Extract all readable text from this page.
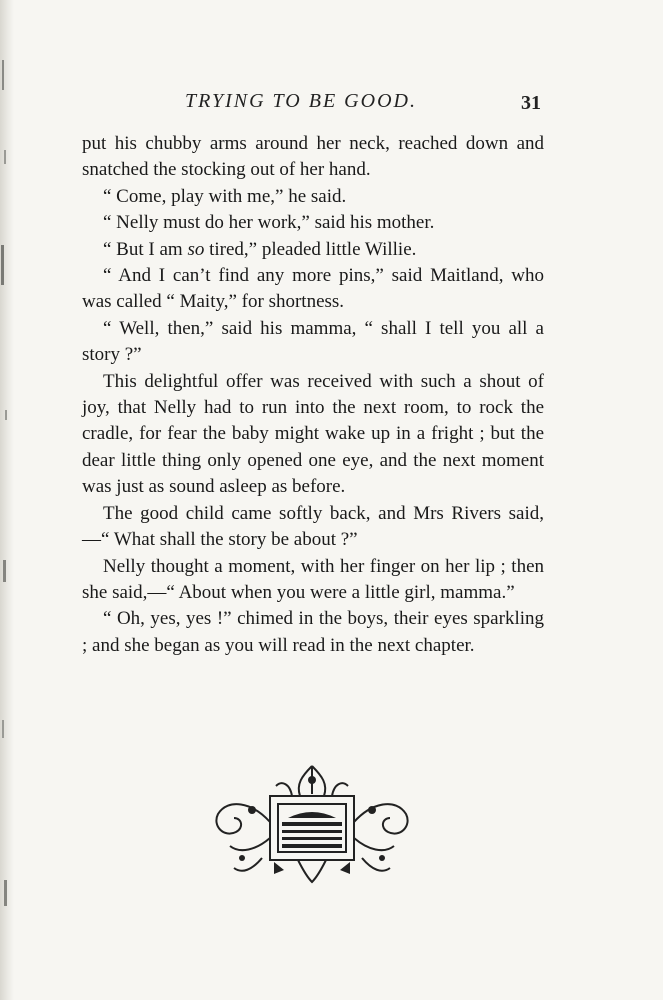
TRYING TO BE GOOD.	31

put his chubby arms around her neck, reached down and snatched the stocking out of her hand.

“ Come, play with me,” he said.

“ Nelly must do her work,” said his mother.

“ But I am so tired,” pleaded little Willie.

“ And I can’t find any more pins,” said Maitland, who was called “ Maity,” for shortness.

“ Well, then,” said his mamma, “ shall I tell you all a story ?”

This delightful offer was received with such a shout of joy, that Nelly had to run into the next room, to rock the cradle, for fear the baby might wake up in a fright ; but the dear little thing only opened one eye, and the next moment was just as sound asleep as before.

The good child came softly back, and Mrs Rivers said,—“ What shall the story be about ?”

Nelly thought a moment, with her finger on her lip ; then she said,—“ About when you were a little girl, mamma.”

“ Oh, yes, yes !” chimed in the boys, their eyes sparkling ; and she began as you will read in the next chapter.
